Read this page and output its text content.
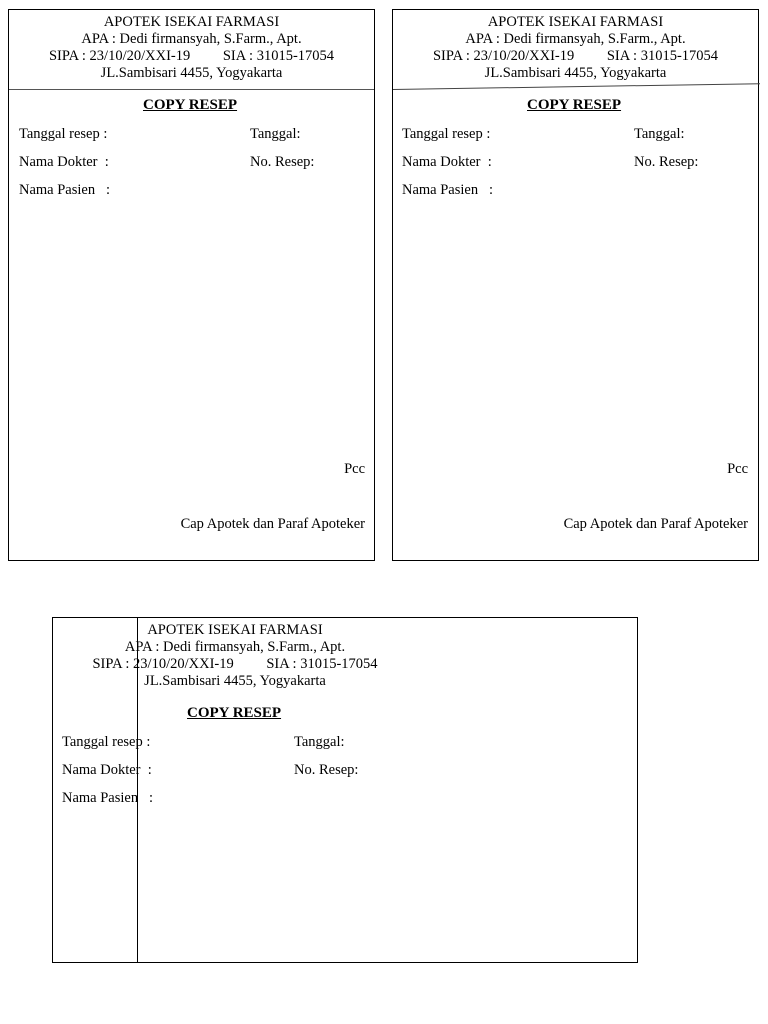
APOTEK ISEKAI FARMASI
APA : Dedi firmansyah, S.Farm., Apt.
SIPA : 23/10/20/XXI-19 SIA : 31015-17054
JL.Sambisari 4455, Yogyakarta
COPY RESEP
Tanggal resep :	Tanggal:
Nama Dokter  :	No. Resep:
Nama Pasien   :
Pcc
Cap Apotek dan Paraf Apoteker
APOTEK ISEKAI FARMASI
APA : Dedi firmansyah, S.Farm., Apt.
SIPA : 23/10/20/XXI-19 SIA : 31015-17054
JL.Sambisari 4455, Yogyakarta
COPY RESEP
Tanggal resep :	Tanggal:
Nama Dokter  :	No. Resep:
Nama Pasien   :
Pcc
Cap Apotek dan Paraf Apoteker
APOTEK ISEKAI FARMASI
APA : Dedi firmansyah, S.Farm., Apt.
SIPA : 23/10/20/XXI-19 SIA : 31015-17054
JL.Sambisari 4455, Yogyakarta
COPY RESEP
Tanggal resep :	Tanggal:
Nama Dokter  :	No. Resep:
Nama Pasien   :
